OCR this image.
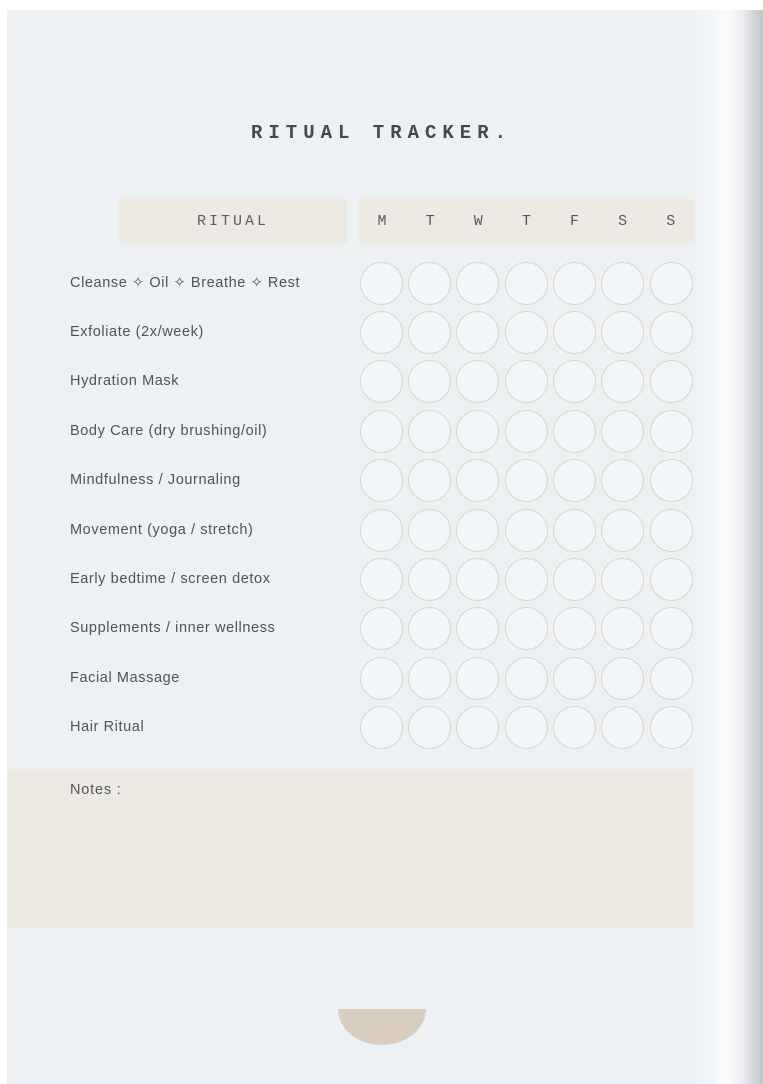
RITUAL TRACKER.
RITUAL	M	T	W	T	F	S	S
Cleanse ✧ Oil ✧ Breathe ✧ Rest
Exfoliate (2x/week)
Hydration Mask
Body Care (dry brushing/oil)
Mindfulness / Journaling
Movement (yoga / stretch)
Early bedtime / screen detox
Supplements / inner wellness
Facial Massage
Hair Ritual
Notes :
